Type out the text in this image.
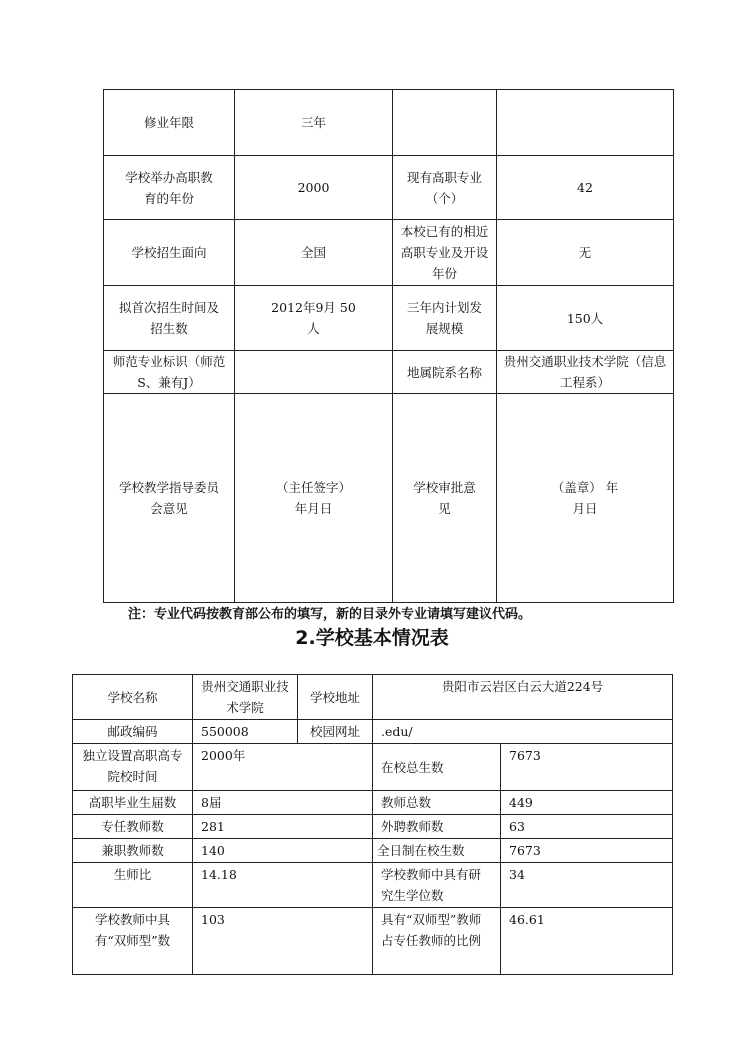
修业年限	三年		
学校举办高职教育的年份	2000	现有高职专业（个）	42
学校招生面向	全国	本校已有的相近高职专业及开设年份	无
拟首次招生时间及招生数	2012年9月 50人	三年内计划发展规模	150人
师范专业标识（师范S、兼有J）		地属院系名称	贵州交通职业技术学院（信息工程系）
学校教学指导委员会意见	（主任签字） 年月日	学校审批意见	（盖章） 年月日
注：专业代码按教育部公布的填写，新的目录外专业请填写建议代码。
2.学校基本情况表
学校名称	贵州交通职业技术学院	学校地址	贵阳市云岩区白云大道224号	
邮政编码	550008	校园网址	.edu/	
独立设置高职高专院校时间	2000年		在校总生数	7673
高职毕业生届数	8届		教师总数	449
专任教师数	281		外聘教师数	63
兼职教师数	140		全日制在校生数	7673
生师比	14.18		学校教师中具有研究生学位数	34
学校教师中具有“双师型”数	103		具有“双师型”教师占专任教师的比例	46.61
